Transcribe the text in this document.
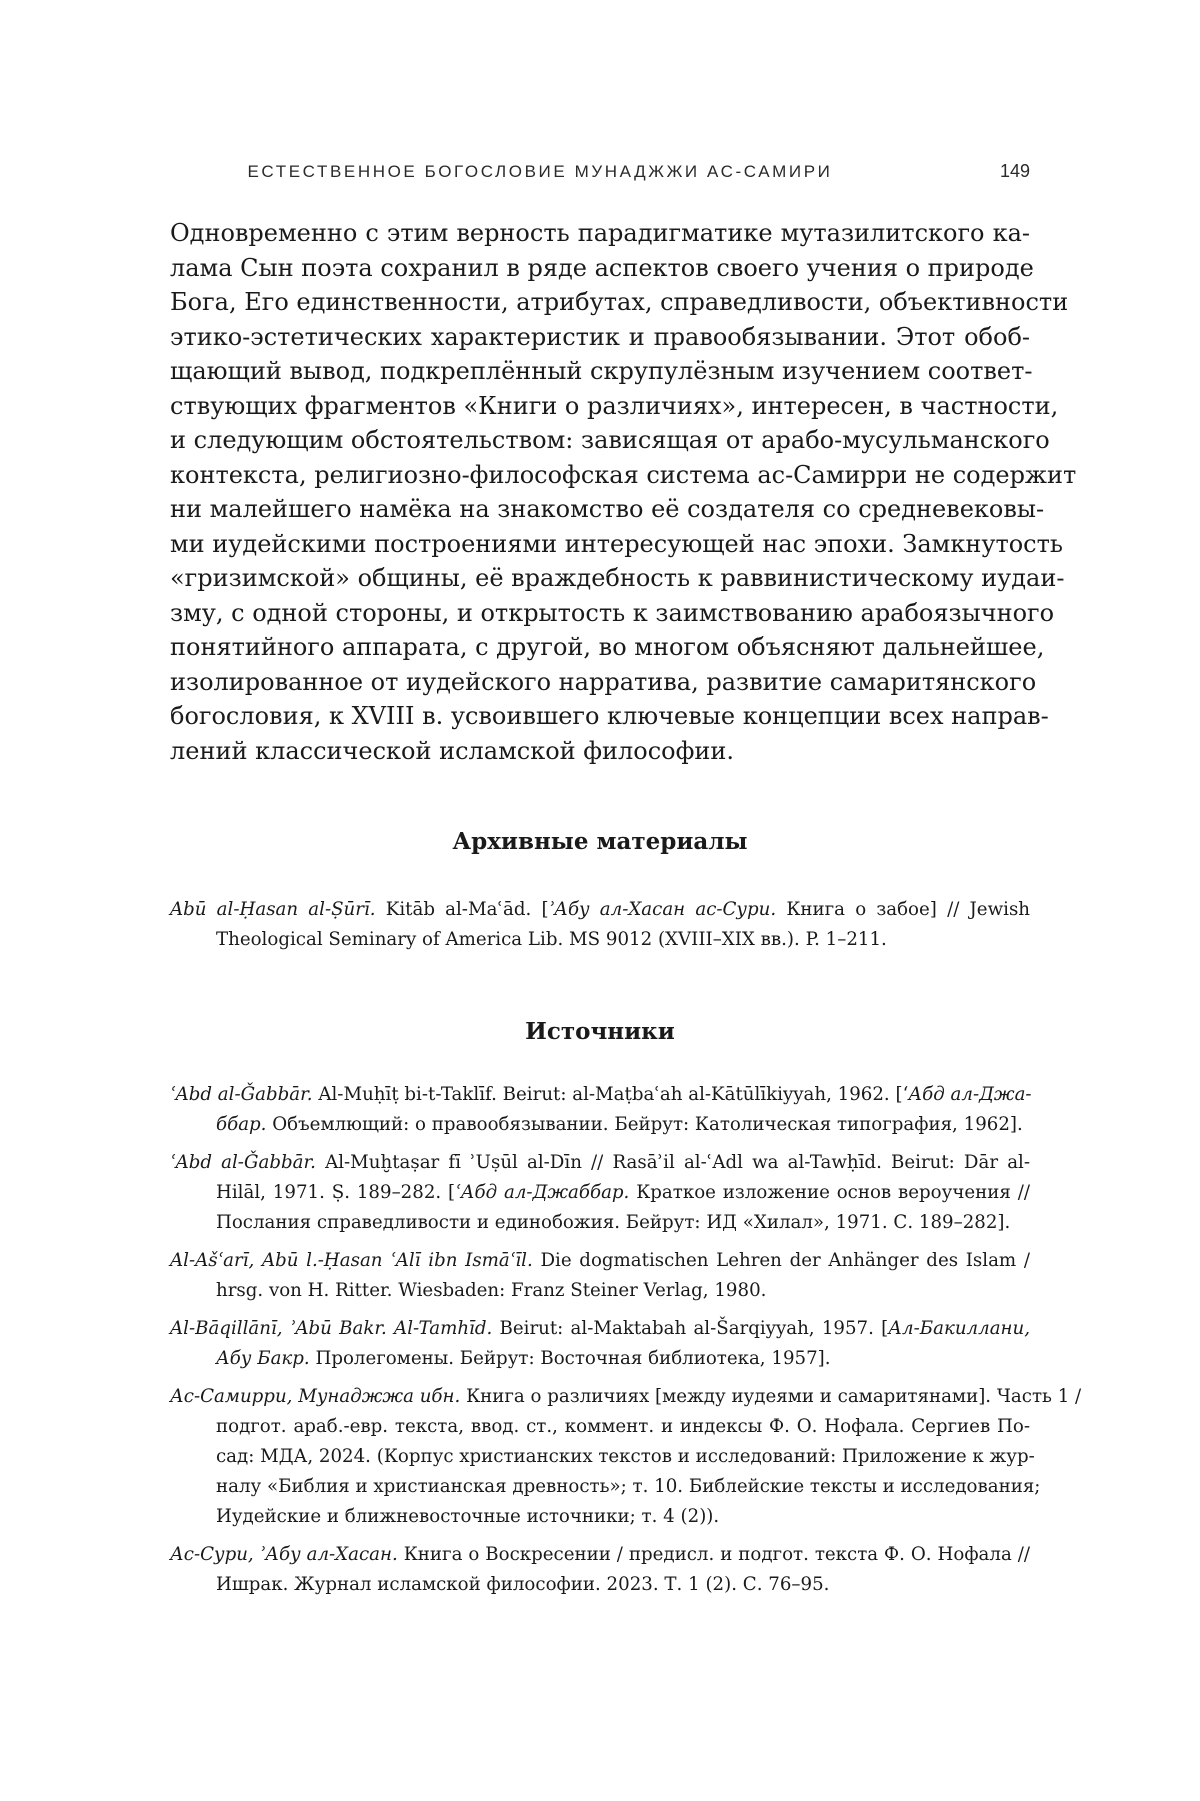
ЕСТЕСТВЕННОЕ БОГОСЛОВИЕ МУНАДЖЖИ АС-САМИРИ	149

Одновременно с этим верность парадигматике мутазилитского ка-
лама Сын поэта сохранил в ряде аспектов своего учения о природе
Бога, Его единственности, атрибутах, справедливости, объективности
этико-эстетических характеристик и правообязывании. Этот обоб-
щающий вывод, подкреплённый скрупулёзным изучением соответ-
ствующих фрагментов «Книги о различиях», интересен, в частности,
и следующим обстоятельством: зависящая от арабо-мусульманского
контекста, религиозно-философская система ас-Самирри не содержит
ни малейшего намёка на знакомство её создателя со средневековы-
ми иудейскими построениями интересующей нас эпохи. Замкнутость
«гризимской» общины, её враждебность к раввинистическому иудаи-
зму, с одной стороны, и открытость к заимствованию арабоязычного
понятийного аппарата, с другой, во многом объясняют дальнейшее,
изолированное от иудейского нарратива, развитие самаритянского
богословия, к XVIII в. усвоившего ключевые концепции всех направ-
лений классической исламской философии.

Архивные материалы
Abū al-Ḥasan al-Ṣūrī. Kitāb al-Maʿād. [ʾАбу ал-Хасан ас-Сури. Книга о забое] // Jewish
Theological Seminary of America Lib. MS 9012 (XVIII–XIX вв.). P. 1–211.
Источники
ʿAbd al-Ǧabbār. Al-Muḥīṭ bi-t-Taklīf. Beirut: al-Maṭbaʿah al-Kātūlīkiyyah, 1962. [‘Абд ал-Джа-
ббар. Объемлющий: о правообязывании. Бейрут: Католическая типография, 1962].
ʿAbd al-Ǧabbār. Al-Muḫtaṣar fī ʾUṣūl al-Dīn // Rasāʾil al-ʿAdl wa al-Tawḥīd. Beirut: Dār al-
Hilāl, 1971. Ṣ. 189–282. [ʿАбд ал-Джаббар. Краткое изложение основ вероучения //
Послания справедливости и единобожия. Бейрут: ИД «Хилал», 1971. С. 189–282].
Al-Ašʿarī, Abū l.-Ḥasan ʿAlī ibn Ismāʿīl. Die dogmatischen Lehren der Anhänger des Islam /
hrsg. von H. Ritter. Wiesbaden: Franz Steiner Verlag, 1980.
Al-Bāqillānī, ʾAbū Bakr. Al-Tamhīd. Beirut: al-Maktabah al-Šarqiyyah, 1957. [Ал-Бакиллани,
Абу Бакр. Пролегомены. Бейрут: Восточная библиотека, 1957].
Ас-Самирри, Мунаджжа ибн. Книга о различиях [между иудеями и самаритянами]. Часть 1 /
подгот. араб.-евр. текста, ввод. ст., коммент. и индексы Ф. О. Нофала. Сергиев По-
сад: МДА, 2024. (Корпус христианских текстов и исследований: Приложение к жур-
налу «Библия и христианская древность»; т. 10. Библейские тексты и исследования;
Иудейские и ближневосточные источники; т. 4 (2)).
Ас-Сури, ʾАбу ал-Хасан. Книга о Воскресении / предисл. и подгот. текста Ф. О. Нофала //
Ишрак. Журнал исламской философии. 2023. Т. 1 (2). С. 76–95.
